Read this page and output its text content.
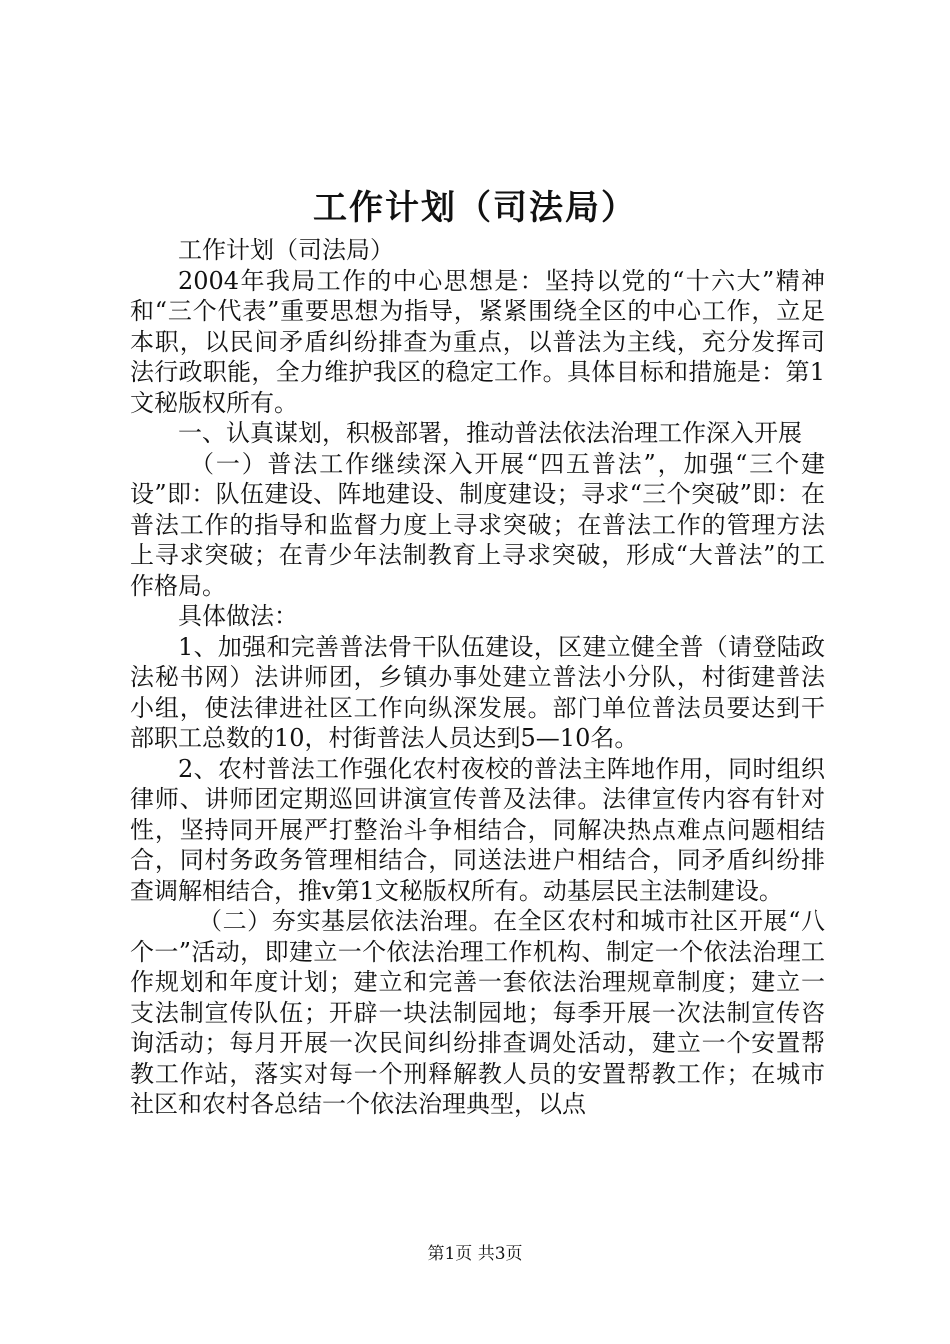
工作计划（司法局）

工作计划（司法局）

2004年我局工作的中心思想是：坚持以党的“十六大”精神和“三个代表”重要思想为指导，紧紧围绕全区的中心工作，立足本职，以民间矛盾纠纷排查为重点，以普法为主线，充分发挥司法行政职能，全力维护我区的稳定工作。具体目标和措施是：第1文秘版权所有。

一、认真谋划，积极部署，推动普法依法治理工作深入开展

（一）普法工作继续深入开展“四五普法”，加强“三个建设”即：队伍建设、阵地建设、制度建设；寻求“三个突破”即：在普法工作的指导和监督力度上寻求突破；在普法工作的管理方法上寻求突破；在青少年法制教育上寻求突破，形成“大普法”的工作格局。

具体做法：

1、加强和完善普法骨干队伍建设，区建立健全普（请登陆政法秘书网）法讲师团，乡镇办事处建立普法小分队，村街建普法小组，使法律进社区工作向纵深发展。部门单位普法员要达到干部职工总数的10，村街普法人员达到5—10名。

2、农村普法工作强化农村夜校的普法主阵地作用，同时组织律师、讲师团定期巡回讲演宣传普及法律。法律宣传内容有针对性，坚持同开展严打整治斗争相结合，同解决热点难点问题相结合，同村务政务管理相结合，同送法进户相结合，同矛盾纠纷排查调解相结合，推v第1文秘版权所有。动基层民主法制建设。

（二）夯实基层依法治理。在全区农村和城市社区开展“八个一”活动，即建立一个依法治理工作机构、制定一个依法治理工作规划和年度计划；建立和完善一套依法治理规章制度；建立一支法制宣传队伍；开辟一块法制园地；每季开展一次法制宣传咨询活动；每月开展一次民间纠纷排查调处活动，建立一个安置帮教工作站，落实对每一个刑释解教人员的安置帮教工作；在城市社区和农村各总结一个依法治理典型，以点

第1页 共3页
